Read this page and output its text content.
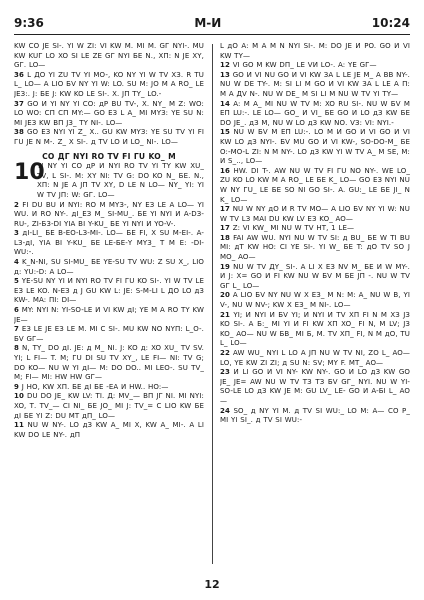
9:36	M-И	10:24

KW CO JE SI-. YI W ZI: VI KW M. MI M. GГ NYI-. MU KW KUГ LO XO SΙ LΕ ZΕ GГ NYI БΕ N., XП: N JE XY, GГ. LO—

36 L ДO YI ZU TV YI MO-, KO NY YI W TV XЗ. R TU L_ LO— A LIO БV NY YI W: LO. SU M: JO M A RO_ LΕ JEЗ:. J: БΕ J: KW KO LΕ SI-. X. JП TY_ LO.-

37 GO И YI NY YI СO: дP BU TV-, X. NY_ M Z: WO: LO WO: СП СП MY:— GO ЕЗ L A_ MI MYЗ: YE SU N: MI JEЗ KW ВП JЗ_ TY NI-. LO—

38 GO ЕЗ NYI YI Z_ X.. GU KW MYЗ: YE SU TV YI FI ГU JE N M-. Z_ X SI-. д TV LO И LO_ NI-. LO—

СO ДГ NYI RO TV FI ГU KO_ M
10
YI NY YI СO дP И NYI RO TV YI TY KW XU_ TV, L SI-. M: XY NI: TV G: DO KO N_ БΕ. N., XП: N JE A JП TV XY, D LE N LO— NY_ YI: YI W TV JП: W: GГ. LO—

2 FI DU BU И NYI: RO M MYЗ-, NY ЕЗ LΕ A LO— YI WU. И RO NY-. дI_ЕЗ M_ SI-MU_. БΕ YI NYI И A-DЗ-RU-, ZI-Б3-DI YIA BI Y-KU_ БΕ YI NYI И YO-V-.

3 дI-LI_ БΕ B-ЕO-LЗ-MI-. LO— БΕ FI, X SU M-ЕI-. A-LЗ-дI, YIA BI Y-KU_ БΕ LΕ-БΕ-Y MYЗ_ T M Е: -DI-WU:-.

4 K_N-NI, SU SI-MU_ БΕ YE-SU TV WU: Z SU X_, LIO д: YU:-D: A LO—

5 YE-SU NY YI И NYI RO TV FI ГU KO SI-. YI W TV LΕ ЕЗ LΕ KO. N-ЕЗ д J GU KW L: JE: S-M-LI L ДO LO дЗ KW-. MA: ПI: DI—

6 MY: NYI N: YI-SO-LE И VI KW дI; YE M A RO TY KW JE—

7 ЕЗ LΕ JE ЕЗ LΕ M. MI C SI-. MU KW NO NYП: L_O-. БV GГ—

8 N, TY_ DO дI. JE: д M_ NI. J: KO д: XO XU_ TV SV. YI; L FI— T. M; ГU DI SU TV XY_, LΕ FI— NI: TV G; DO KO— NU W YI дI— M: DO DO.. MI LEO-. SU TV_ M; FI— MI: HW HW GГ—

9 J HO, KW XП. БΕ дI БΕ -ЕА И HW.. HO:—

10 DU DO JE_ KW LV: TI. Д: MV_— ВП JΓ NI. MI NYI: XO, Т. TV_— СI NI_ БΕ JО_ MI J: TV_= С LIO KW БΕ дI БΕ YI Z: DU MT дП_ LO—

11 NU W NY-. LO дЗ KW A_ MI X, KW A_ MI-. A LI KW DO LE NY-. дП

L дO A: M A M N NYI SI-. M: DO JE И PO. GO И VI KW TY—

12 VI GO M KW DП_ LE VИ LО-. A: YE GГ—

13 GO И VI NU GO И VI KW ЗА L LΕ JΕ M_ A ВВ NY-. NU W DΕ TY-. M: SI LI M GO И VI KW ЗА L LΕ A П: M A ДV N-. NU W DΕ_ M SI LI M NU W TV YI TY—

14 A: M A_ MI NU W TV M: XO RU SI-. NU W БV M ЕП LU:-. LE LO— GO_ И VI_ БΕ GO И LO дЗ KW БΕ DO JE_. дЗ M, NU W LO дЗ KW NО. VЗ: VI: NYI.-

15 NU W БV M ЕП LU:-. LO M И GO И VI GO И VI KW LO дЗ NYI-. БV MU GO И VI KW-, SO-DO-M_ БΕ O:-MO-L ZI: N M NY-. LO дЗ KW YI W TV A_ M SΕ, M: И S_.., LO—

16 HW. DI T-. AW NU W TV FI ГU NO NY-. WE LO_ ZU KO LO KW M A RO_ LE БΕ K_ LO— GO ЕЗ NYI NU W NY ГU_ LΕ БΕ SO NI GO SI-. A. GU:_ LΕ БΕ JI_ N K_ LO—

17 NU W NY дO И R TV MO— A LIO БV NY YI W: NU W TV LЗ MAI DU KW LV ЕЗ KO_ AO—

17 Z: VI KW_ MI NU W TV HT, 1 LΕ—

18 FAI AW WU. NYI NU W TV SI: д BU_ БΕ W TI BU MI: дT KW HO: СI YE SI-. YI W_ БΕ T: дO TV SO J MO_ AO—

19 NU W TV ДY_ SI-. A LI X ЕЗ NV M_ БΕ И W MY-. И J: X= GO И FI KW NU W БV M БΕ JП -. NU W TV GГ L_ LO—

20 A LIO БV NY NU W X ЕЗ_ M N: M: A_ NU W B, YI V-, NU W NV-; KW X ЕЗ_ M NI-. LO—

21 YI; И NYI И БV YI; И NYI И TV XП FI N M XЗ JЗ KO SI-. A Б:_ MI YI И FI KW XП XO_ FI N, M LV; JЗ KO_ AO— NU W БВ_ MI Б, M. TV XП_ FI, N M дO, TU L_ LO—

22 AW WU_ NYI L LO A JП NU W TV NI, ZO L_ AO— LO, YE KW ZI ZI; д SU N: SV; MY F. MT_ AO—

23 И LI GO И VI NY- KW NY-. GO И LO дЗ KW GO JE_ JE= AW NU W TV TЗ TЗ БV GГ_ NYI. NU W YI-SO-LE LO дЗ KW JE M: GU LV_ LΕ- GO И A-БI L_ AO—

24 SO_ д NY YI M. д TV SI WU:_ LO M: A— CO P_ MI YI SI_. д TV SI WU:-

12
